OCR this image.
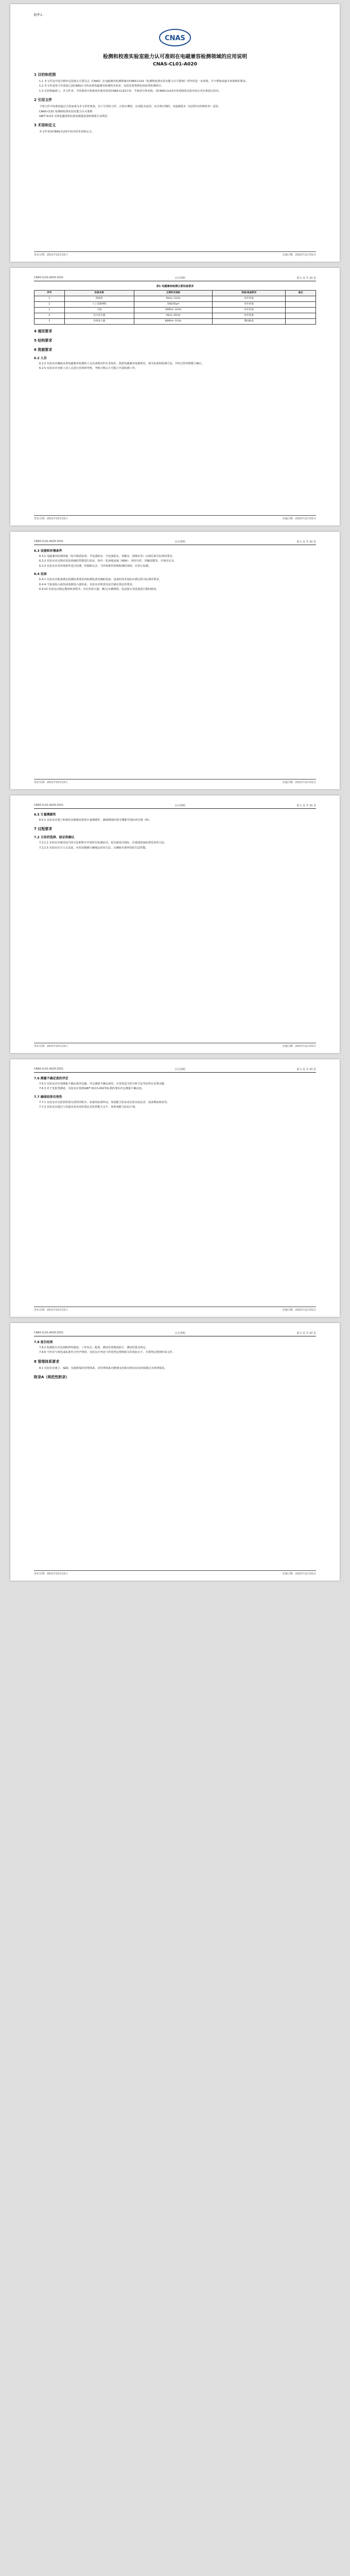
附件1：
CNAS
检测和校准实验室能力认可准则在电磁兼容检测领域的应用说明
CNAS-CL01-A020
1 目的和范围
1.1 本文件是中国合格评定国家认可委员会（CNAS）在电磁兼容检测领域对CNAS-CL01《检测和校准实验室能力认可准则》所作的进一步说明，并不增加或减少该准则的要求。
1.2 本文件适用于申请或已获CNAS认可的从事电磁兼容检测的实验室，包括发射类和抗扰度类检测项目。
1.3 在结构编排上，本文件章、节的条款号和条款名称均采用CNAS-CL01中章、节条款号和名称，对CNAS-CL01应用说明的具体内容在对应条款后给出。
2 引用文件
下列文件中的条款通过引用而成为本文件的条款。以下引用的文件，注明日期的，仅该版本适用；未注明日期的，其最新版本（包括所有的修改单）适用。
CNAS-CL01 检测和校准实验室能力认可准则
GB/T 6113 无线电骚扰和抗扰度测量设备和测量方法规范
3 术语和定义
本文件采用CNAS-CL01中给出的术语和定义。
发布日期：2021年10月15日	实施日期：2021年12月01日
CNAS-CL01-A020:2021	认可说明	第 1 页 共 10 页
表1 电磁兼容检测主要设备要求
序号	设备名称	主要技术指标	校准/核查要求	备注
1	接收机	9kHz~1GHz	每年校准	
2	人工电源网络	50Ω/50μH	每年校准	
3	天线	30MHz~1GHz	每年校准	
4	信号发生器	9kHz~6GHz	每年校准	
5	功率放大器	80MHz~1GHz	期间核查	
4 通用要求
5 结构要求
6 资源要求
6.2 人员
6.2.2 实验室应确保从事电磁兼容检测的人员具备相应的专业知识，熟悉电磁兼容基础理论、相关标准和检测方法，并经过培训和能力确认。
6.2.5 实验室应对新上岗人员进行培训和考核，考核合格后方可独立开展检测工作。
发布日期：2021年10月15日	实施日期：2021年12月01日
CNAS-CL01-A020:2021	认可说明	第 1 页 共 10 页
6.3 设施和环境条件
6.3.1 电磁兼容检测场地（如开阔试验场、半电波暗室、全电波暗室、屏蔽室、混响室等）应满足相关标准的要求。
6.3.2 实验室应定期对试验场地的性能进行验证，如归一化场地衰减（NSA）、场均匀性、屏蔽效能等，并保存记录。
6.3.3 实验室应对环境条件进行监测、控制和记录，当环境条件影响检测结果时，应停止检测。
6.4 设备
6.4.1 实验室应配备满足检测标准要求的检测设备及辅助设备，设备的技术指标应满足相关标准的要求。
6.4.4 当设备投入使用或重新投入使用前，实验室应核查其是否满足规定的要求。
6.4.10 实验室应制定期间核查程序，对功率放大器、耦合/去耦网络、电流探头等设备进行期间核查。
发布日期：2021年10月15日	实施日期：2021年12月01日
CNAS-CL01-A020:2021	认可说明	第 1 页 共 10 页
6.5 计量溯源性
6.5.1 实验室应建立和保持其测量结果的计量溯源性，确保测量结果可溯源至国际单位制（SI）。
7 过程要求
7.2 方法的选择、验证和确认
7.2.1.1 实验室应使用适当的方法和程序开展所有检测活动，优先使用以国际、区域或国家标准发布的方法。
7.2.1.5 实验室在引入方法前，应验证能够正确地运用该方法，以确保实现所需的方法性能。
发布日期：2021年10月15日	实施日期：2021年12月01日
CNAS-CL01-A020:2021	认可说明	第 1 页 共 10 页
7.6 测量不确定度的评定
7.6.1 实验室应识别测量不确定度的贡献，评定测量不确定度时，应采用适当的分析方法考虑所有显著贡献。
7.6.3 对于发射类测试，实验室应按照GB/T 6113.402等标准的要求评定测量不确定度。
7.7 确保结果有效性
7.7.1 实验室应有监控结果有效性的程序，如使用标准样品、参加能力验证或实验室间比对、设备期间核查等。
7.7.2 实验室应通过与其他实验室的结果比对监控能力水平，如参加能力验证计划。
发布日期：2021年10月15日	实施日期：2021年12月01日
CNAS-CL01-A020:2021	认可说明	第 1 页 共 10 页
7.8 报告结果
7.8.2 检测报告应包括EUT的描述、工作状态、配置、测试布置图或照片、测试结果及判定。
7.8.6 当作出与规范或标准符合性声明时，实验室应考虑与所用判定规则相关的风险水平，并将判定规则形成文件。
8 管理体系要求
8.1 实验室应建立、编制、实施和保持管理体系，该管理体系应能够支持和证明实验室持续满足本准则要求。
附录A（规范性附录）
发布日期：2021年10月15日	实施日期：2021年12月01日
